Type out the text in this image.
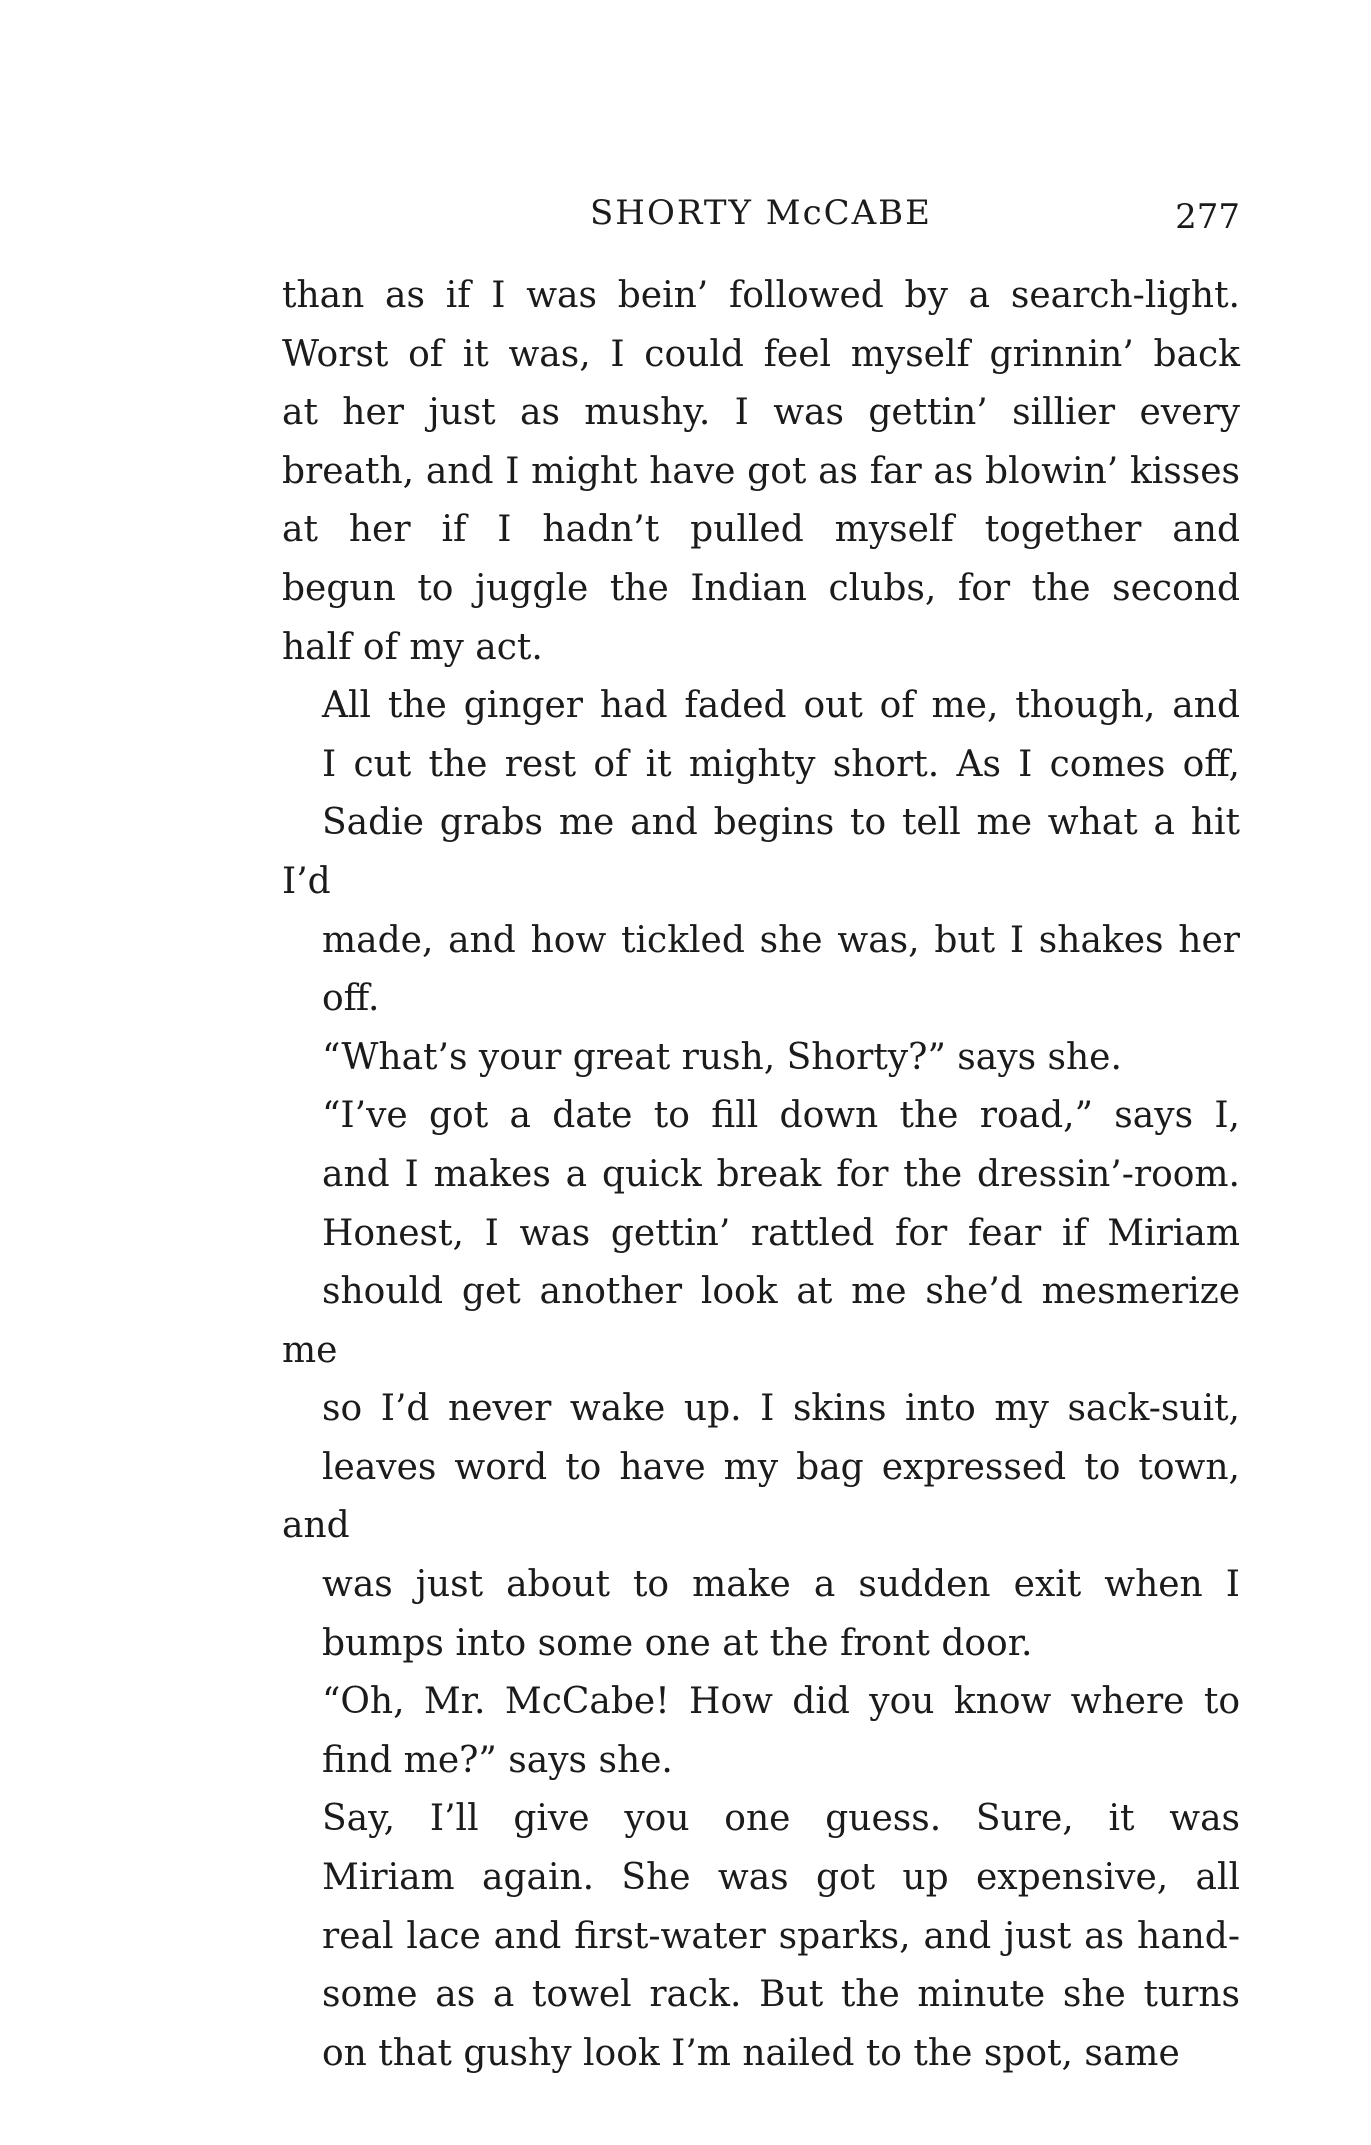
SHORTY McCABE	277

than as if I was bein’ followed by a search-light.
Worst of it was, I could feel myself grinnin’ back
at her just as mushy. I was gettin’ sillier every
breath, and I might have got as far as blowin’ kisses
at her if I hadn’t pulled myself together and
begun to juggle the Indian clubs, for the second
half of my act.

All the ginger had faded out of me, though, and
I cut the rest of it mighty short. As I comes off,
Sadie grabs me and begins to tell me what a hit I’d
made, and how tickled she was, but I shakes her
off.

“What’s your great rush, Shorty?” says she.

“I’ve got a date to fill down the road,” says I,
and I makes a quick break for the dressin’-room.
Honest, I was gettin’ rattled for fear if Miriam
should get another look at me she’d mesmerize me
so I’d never wake up. I skins into my sack-suit,
leaves word to have my bag expressed to town, and
was just about to make a sudden exit when I
bumps into some one at the front door.

“Oh, Mr. McCabe! How did you know where to
find me?” says she.

Say, I’ll give you one guess. Sure, it was
Miriam again. She was got up expensive, all
real lace and first-water sparks, and just as hand-
some as a towel rack. But the minute she turns
on that gushy look I’m nailed to the spot, same
